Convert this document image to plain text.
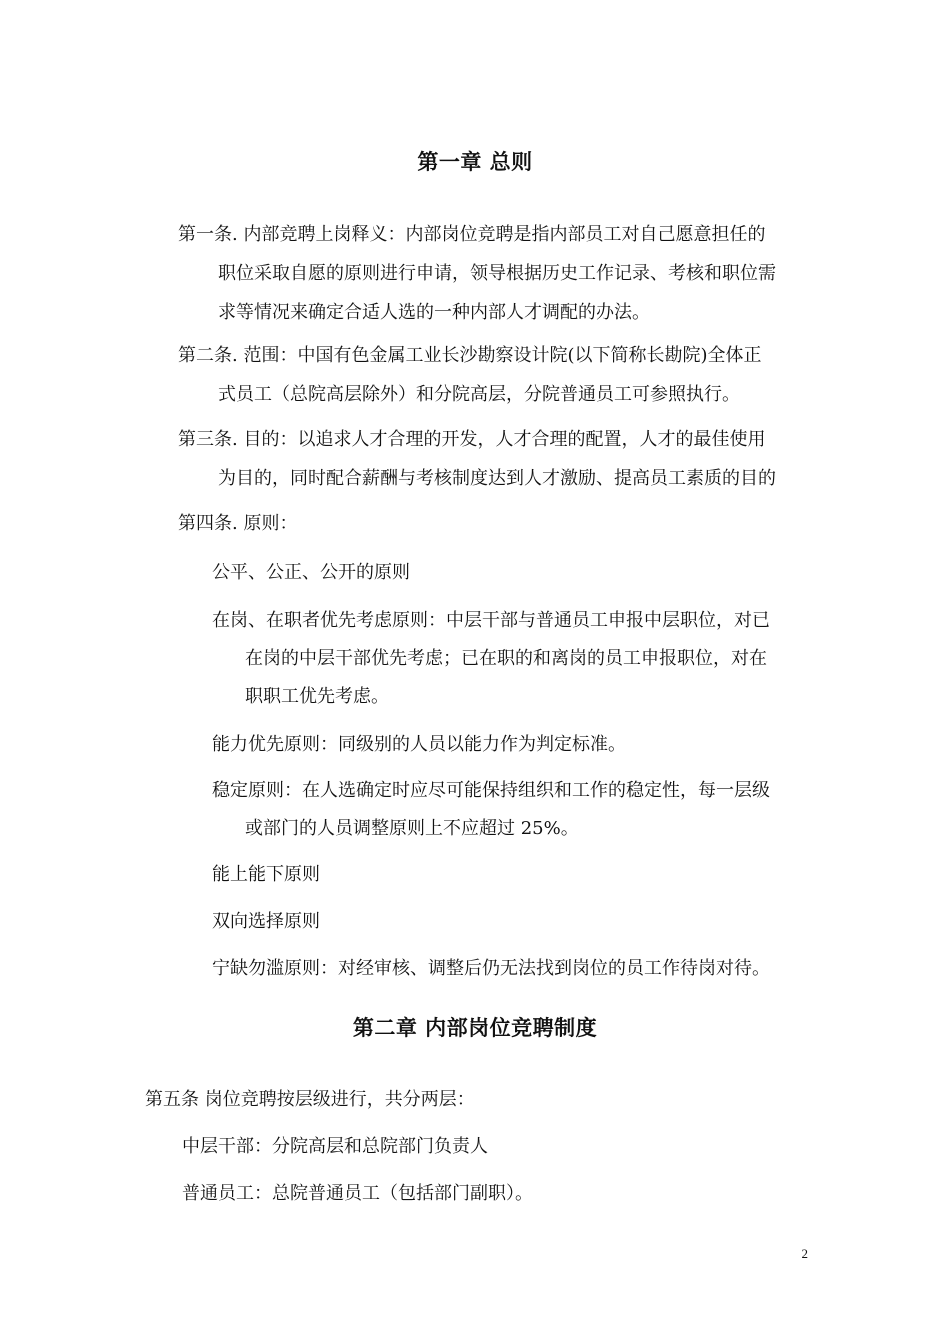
第一章 总则
第一条. 内部竞聘上岗释义：内部岗位竞聘是指内部员工对自己愿意担任的
职位采取自愿的原则进行申请，领导根据历史工作记录、考核和职位需
求等情况来确定合适人选的一种内部人才调配的办法。
第二条. 范围：中国有色金属工业长沙勘察设计院(以下简称长勘院)全体正
式员工（总院高层除外）和分院高层，分院普通员工可参照执行。
第三条. 目的：以追求人才合理的开发，人才合理的配置，人才的最佳使用
为目的，同时配合薪酬与考核制度达到人才激励、提高员工素质的目的
第四条. 原则：
公平、公正、公开的原则
在岗、在职者优先考虑原则：中层干部与普通员工申报中层职位，对已
在岗的中层干部优先考虑；已在职的和离岗的员工申报职位，对在
职职工优先考虑。
能力优先原则：同级别的人员以能力作为判定标准。
稳定原则：在人选确定时应尽可能保持组织和工作的稳定性，每一层级
或部门的人员调整原则上不应超过 25%。
能上能下原则
双向选择原则
宁缺勿滥原则：对经审核、调整后仍无法找到岗位的员工作待岗对待。
第二章 内部岗位竞聘制度
第五条 岗位竞聘按层级进行，共分两层：
中层干部：分院高层和总院部门负责人
普通员工：总院普通员工（包括部门副职）。
2
